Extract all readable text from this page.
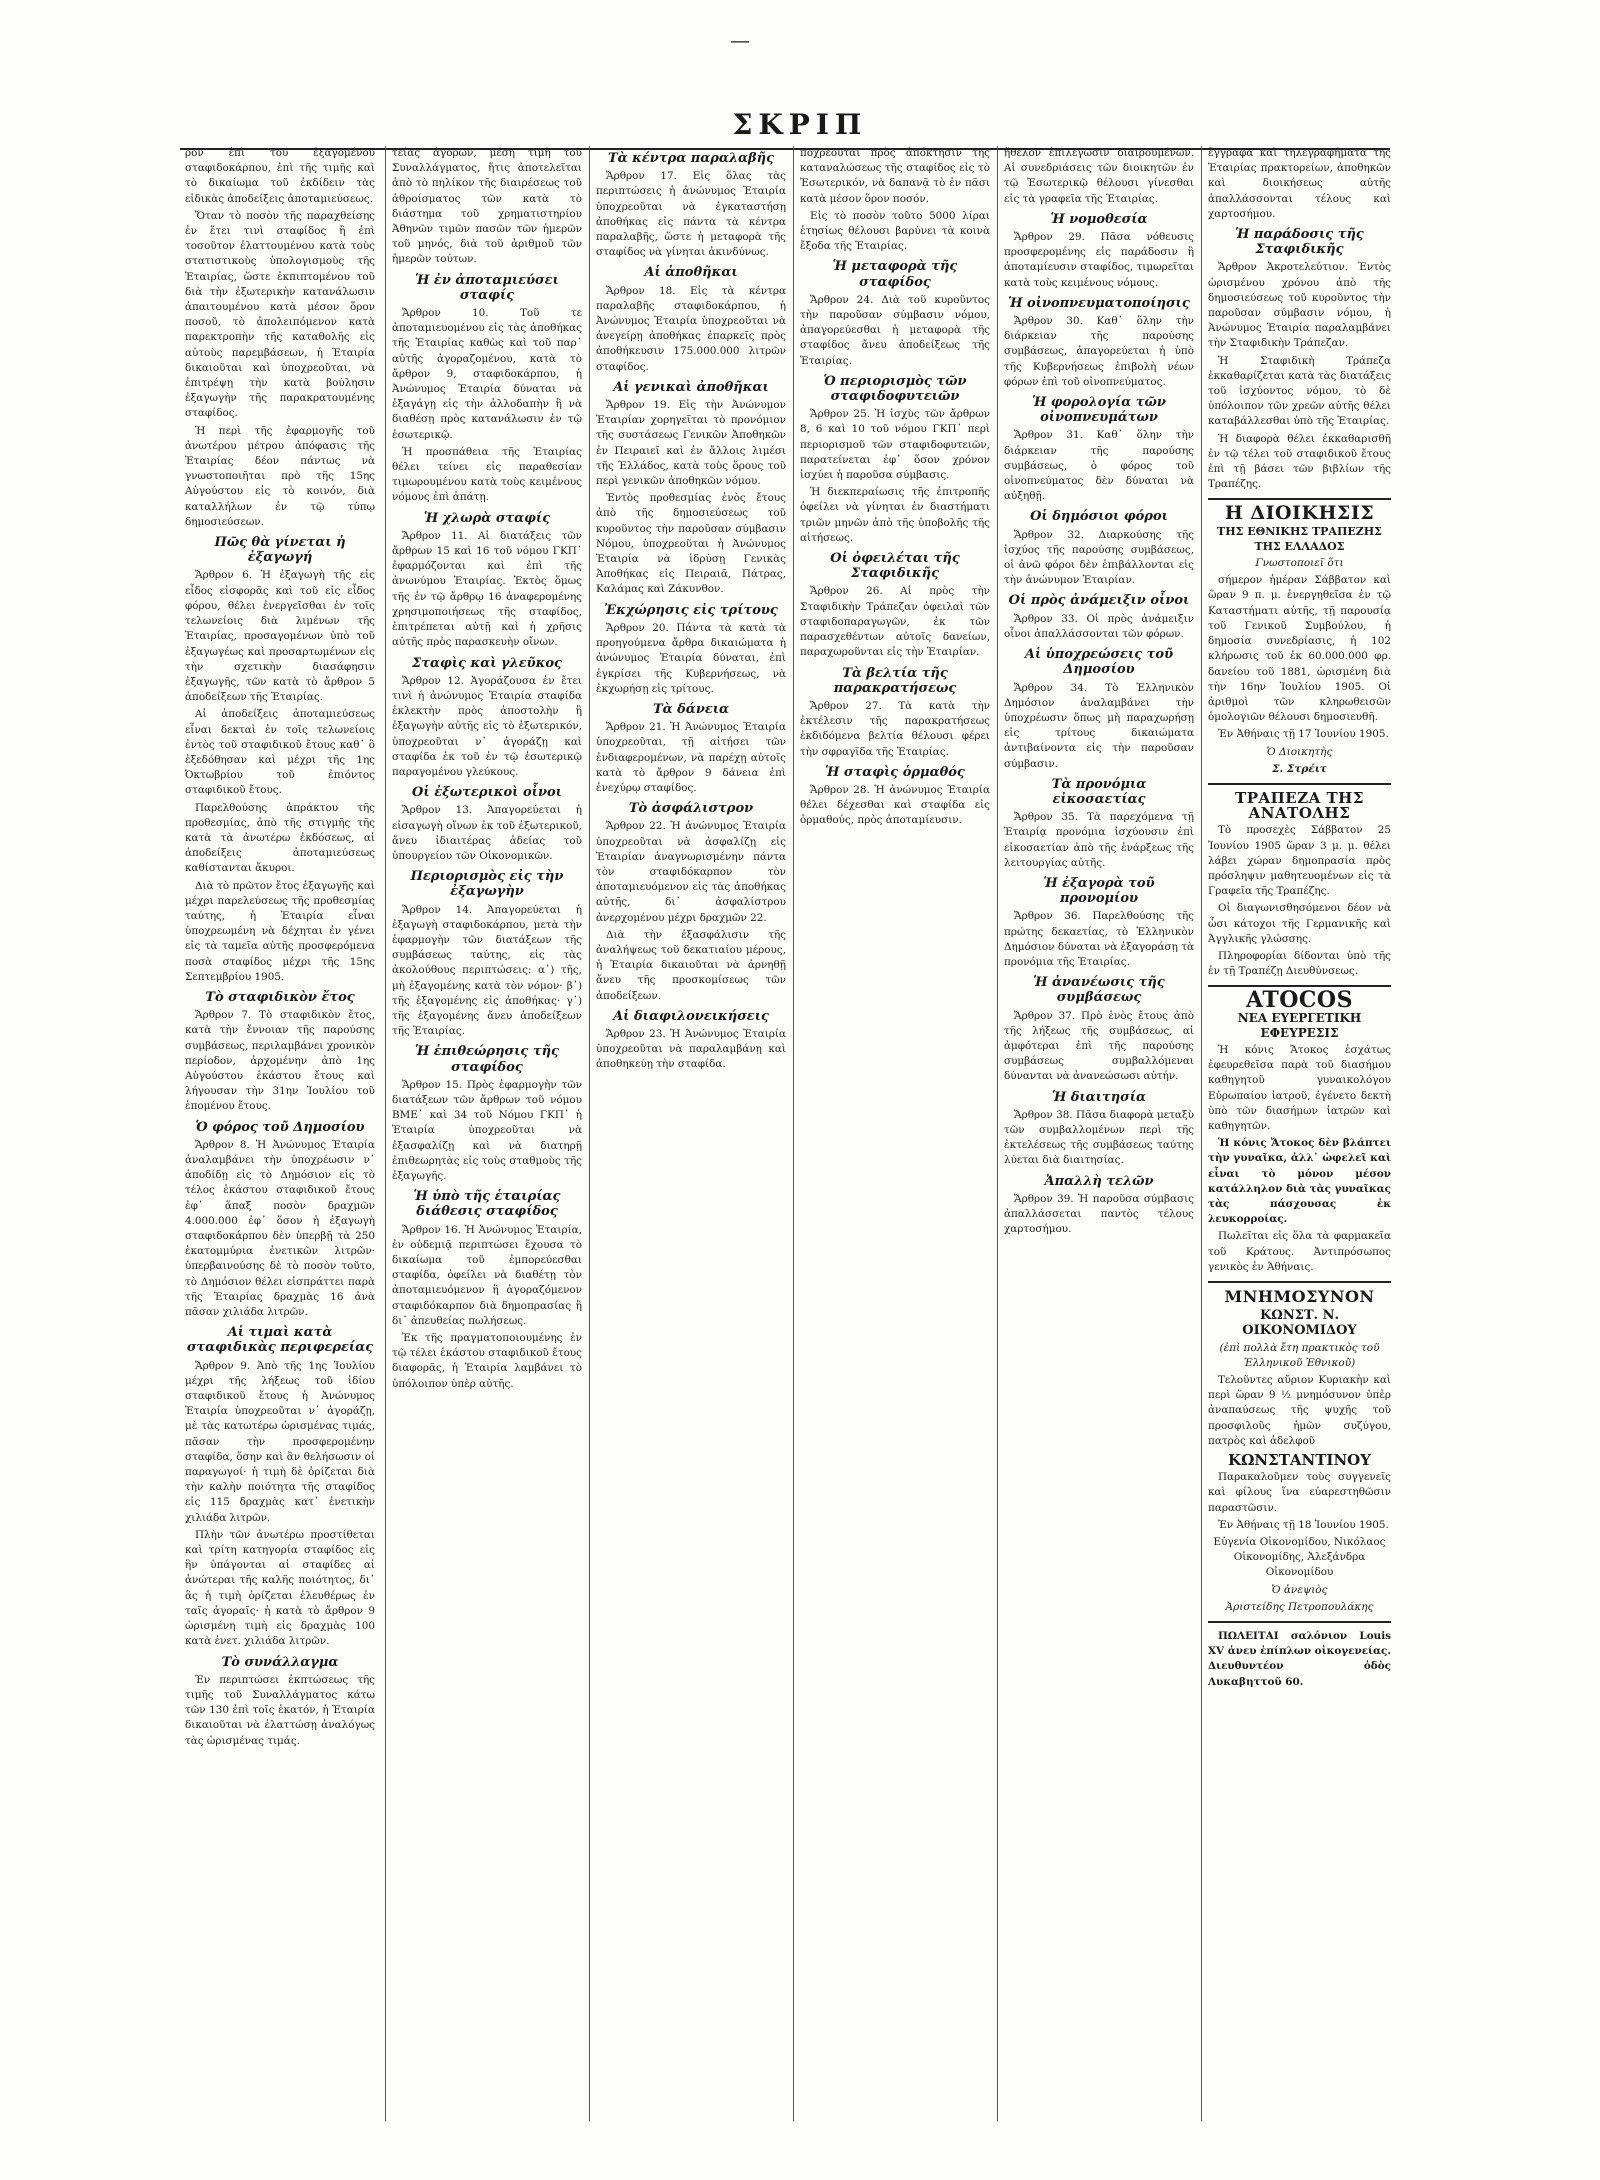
—
ΣΚΡΙΠ

ρον ἐπὶ τοῦ ἐξαγομένου σταφιδοκάρπου, ἐπὶ τῆς τιμῆς καὶ τὸ δικαίωμα τοῦ ἐκδίδειν τὰς εἰδικὰς ἀποδείξεις ἀποταμιεύσεως.

Ὅταν τὸ ποσὸν τῆς παραχθείσης ἐν ἔτει τινὶ σταφίδος ἢ ἐπὶ τοσοῦτον ἐλαττουμένου κατὰ τοὺς στατιστικοὺς ὑπολογισμοὺς τῆς Ἑταιρίας, ὥστε ἐκπιπτομένου τοῦ διὰ τὴν ἐξωτερικὴν κατανάλωσιν ἀπαιτουμένου κατὰ μέσον ὅρον ποσοῦ, τὸ ἀπολειπόμενον κατὰ παρεκτροπὴν τῆς καταθολῆς εἰς αὐτοὺς παρεμβάσεων, ἡ Ἑταιρία δικαιοῦται καὶ ὑποχρεοῦται, νὰ ἐπιτρέψῃ τὴν κατὰ βούλησιν ἐξαγωγὴν τῆς παρακρατουμένης σταφίδος.

Ἡ περὶ τῆς ἐφαρμογῆς τοῦ ἀνωτέρου μέτρου ἀπόφασις τῆς Ἑταιρίας δέον πάντως νὰ γνωστοποιῆται πρὸ τῆς 15ης Αὐγούστου εἰς τὸ κοινόν, διὰ καταλλήλων ἐν τῷ τύπῳ δημοσιεύσεων.

Πῶς θὰ γίνεται ἡ ἐξαγωγή

Ἄρθρον 6. Ἡ ἐξαγωγὴ τῆς εἰς εἶδος εἰσφορᾶς καὶ τοῦ εἰς εἶδος φόρου, θέλει ἐνεργεῖσθαι ἐν τοῖς τελωνείοις διὰ λιμένων τῆς Ἑταιρίας, προσαγομένων ὑπὸ τοῦ ἐξαγωγέως καὶ προσαρτωμένων εἰς τὴν σχετικὴν διασάφησιν ἐξαγωγῆς, τῶν κατὰ τὸ ἄρθρον 5 ἀποδείξεων τῆς Ἑταιρίας.

Αἱ ἀποδείξεις ἀποταμιεύσεως εἶναι δεκταὶ ἐν τοῖς τελωνείοις ἐντὸς τοῦ σταφιδικοῦ ἔτους καθ᾽ ὃ ἐξεδόθησαν καὶ μέχρι τῆς 1ης Ὀκτωβρίου τοῦ ἐπιόντος σταφιδικοῦ ἔτους.

Παρελθούσης ἀπράκτου τῆς προθεσμίας, ἀπὸ τῆς στιγμῆς τῆς κατὰ τὰ ἀνωτέρω ἐκδόσεως, αἱ ἀποδείξεις ἀποταμιεύσεως καθίστανται ἄκυροι.

Διὰ τὸ πρῶτον ἔτος ἐξαγωγῆς καὶ μέχρι παρελεύσεως τῆς προθεσμίας ταύτης, ἡ Ἑταιρία εἶναι ὑποχρεωμένη νὰ δέχηται ἐν γένει εἰς τὰ ταμεῖα αὐτῆς προσφερόμενα ποσὰ σταφίδος μέχρι τῆς 15ης Σεπτεμβρίου 1905.

Τὸ σταφιδικὸν ἔτος

Ἄρθρον 7. Τὸ σταφιδικὸν ἔτος, κατὰ τὴν ἔννοιαν τῆς παρούσης συμβάσεως, περιλαμβάνει χρονικὸν περίοδον, ἀρχομένην ἀπὸ 1ης Αὐγούστου ἑκάστου ἔτους καὶ λήγουσαν τὴν 31ην Ἰουλίου τοῦ ἑπομένου ἔτους.

Ὁ φόρος τοῦ Δημοσίου

Ἄρθρον 8. Ἡ Ἀνώνυμος Ἑταιρία ἀναλαμβάνει τὴν ὑποχρέωσιν ν᾽ ἀποδίδῃ εἰς τὸ Δημόσιον εἰς τὸ τέλος ἑκάστου σταφιδικοῦ ἔτους ἐφ᾽ ἅπαξ ποσὸν δραχμῶν 4.000.000 ἐφ᾽ ὅσον ἡ ἐξαγωγὴ σταφιδοκάρπου δὲν ὑπερβῇ τὰ 250 ἑκατομμύρια ἑνετικῶν λιτρῶν· ὑπερβαινούσης δὲ τὸ ποσὸν τοῦτο, τὸ Δημόσιον θέλει εἰσπράττει παρὰ τῆς Ἑταιρίας δραχμὰς 16 ἀνὰ πᾶσαν χιλιάδα λιτρῶν.

Αἱ τιμαὶ κατὰ σταφιδικὰς περιφερείας

Ἄρθρον 9. Ἀπὸ τῆς 1ης Ἰουλίου μέχρι τῆς λήξεως τοῦ ἰδίου σταφιδικοῦ ἔτους ἡ Ἀνώνυμος Ἑταιρία ὑποχρεοῦται ν᾽ ἀγοράζῃ, μὲ τὰς κατωτέρω ὡρισμένας τιμάς, πᾶσαν τὴν προσφερομένην σταφίδα, ὅσην καὶ ἂν θελήσωσιν οἱ παραγωγοί· ἡ τιμὴ δὲ ὁρίζεται διὰ τὴν καλὴν ποιότητα τῆς σταφίδος εἰς 115 δραχμὰς κατ᾽ ἐνετικὴν χιλιάδα λιτρῶν.

Πλὴν τῶν ἀνωτέρω προστίθεται καὶ τρίτη κατηγορία σταφίδος εἰς ἣν ὑπάγονται αἱ σταφίδες αἱ ἀνώτεραι τῆς καλῆς ποιότητος, δι᾽ ἃς ἡ τιμὴ ὁρίζεται ἐλευθέρως ἐν ταῖς ἀγοραῖς· ἡ κατὰ τὸ ἄρθρον 9 ὡρισμένη τιμὴ εἰς δραχμὰς 100 κατὰ ἐνετ. χιλιάδα λιτρῶν.

Τὸ συνάλλαγμα

Ἐν περιπτώσει ἐκπτώσεως τῆς τιμῆς τοῦ Συναλλάγματος κάτω τῶν 130 ἐπὶ τοῖς ἑκατόν, ἡ Ἑταιρία δικαιοῦται νὰ ἐλαττώσῃ ἀναλόγως τὰς ὡρισμένας τιμάς.

τείας ἀγορῶν, μέση τιμὴ τοῦ Συναλλάγματος, ἥτις ἀποτελεῖται ἀπὸ τὸ πηλίκον τῆς διαιρέσεως τοῦ ἀθροίσματος τῶν κατὰ τὸ διάστημα τοῦ χρηματιστηρίου Ἀθηνῶν τιμῶν πασῶν τῶν ἡμερῶν τοῦ μηνός, διὰ τοῦ ἀριθμοῦ τῶν ἡμερῶν τούτων.

Ἡ ἐν ἀποταμιεύσει σταφίς

Ἄρθρον 10. Τοῦ τε ἀποταμιευομένου εἰς τὰς ἀποθήκας τῆς Ἑταιρίας καθὼς καὶ τοῦ παρ᾽ αὐτῆς ἀγοραζομένου, κατὰ τὸ ἄρθρον 9, σταφιδοκάρπου, ἡ Ἀνώνυμος Ἑταιρία δύναται νὰ ἐξαγάγῃ εἰς τὴν ἀλλοδαπὴν ἢ νὰ διαθέσῃ πρὸς κατανάλωσιν ἐν τῷ ἐσωτερικῷ.

Ἡ προσπάθεια τῆς Ἑταιρίας θέλει τείνει εἰς παραθεσίαν τιμωρουμένου κατὰ τοὺς κειμένους νόμους ἐπὶ ἀπάτῃ.

Ἡ χλωρὰ σταφίς

Ἄρθρον 11. Αἱ διατάξεις τῶν ἄρθρων 15 καὶ 16 τοῦ νόμου ΓΚΠ᾽ ἐφαρμόζονται καὶ ἐπὶ τῆς ἀνωνύμου Ἑταιρίας. Ἐκτὸς ὅμως τῆς ἐν τῷ ἄρθρῳ 16 ἀναφερομένης χρησιμοποιήσεως τῆς σταφίδος, ἐπιτρέπεται αὐτῇ καὶ ἡ χρῆσις αὐτῆς πρὸς παρασκευὴν οἴνων.

Σταφὶς καὶ γλεῦκος

Ἄρθρον 12. Ἀγοράζουσα ἐν ἔτει τινὶ ἡ ἀνώνυμος Ἑταιρία σταφίδα ἐκλεκτὴν πρὸς ἀποστολὴν ἢ ἐξαγωγὴν αὐτῆς εἰς τὸ ἐξωτερικόν, ὑποχρεοῦται ν᾽ ἀγοράζῃ καὶ σταφίδα ἐκ τοῦ ἐν τῷ ἐσωτερικῷ παραγομένου γλεύκους.

Οἱ ἐξωτερικοὶ οἶνοι

Ἄρθρον 13. Ἀπαγορεύεται ἡ εἰσαγωγὴ οἴνων ἐκ τοῦ ἐξωτερικοῦ, ἄνευ ἰδιαιτέρας ἀδείας τοῦ ὑπουργείου τῶν Οἰκονομικῶν.

Περιορισμὸς εἰς τὴν ἐξαγωγὴν

Ἄρθρον 14. Ἀπαγορεύεται ἡ ἐξαγωγὴ σταφιδοκάρπου, μετὰ τὴν ἐφαρμογὴν τῶν διατάξεων τῆς συμβάσεως ταύτης, εἰς τὰς ἀκολούθους περιπτώσεις: α᾽) τῆς, μὴ ἐξαγομένης κατὰ τὸν νόμον· β᾽) τῆς ἐξαγομένης εἰς ἀποθήκας· γ᾽) τῆς ἐξαγομένης ἄνευ ἀποδείξεων τῆς Ἑταιρίας.

Ἡ ἐπιθεώρησις τῆς σταφίδος

Ἄρθρον 15. Πρὸς ἐφαρμογὴν τῶν διατάξεων τῶν ἄρθρων τοῦ νόμου ΒΜΕ᾽ καὶ 34 τοῦ Νόμου ΓΚΠ᾽ ἡ Ἑταιρία ὑποχρεοῦται νὰ ἐξασφαλίζῃ καὶ νὰ διατηρῇ ἐπιθεωρητὰς εἰς τοὺς σταθμοὺς τῆς ἐξαγωγῆς.

Ἡ ὑπὸ τῆς ἑταιρίας διάθεσις σταφίδος

Ἄρθρον 16. Ἡ Ἀνώνυμος Ἑταιρία, ἐν οὐδεμιᾷ περιπτώσει ἔχουσα τὸ δικαίωμα τοῦ ἐμπορεύεσθαι σταφίδα, ὀφείλει νὰ διαθέτῃ τὸν ἀποταμιευόμενον ἢ ἀγοραζόμενον σταφιδόκαρπον διὰ δημοπρασίας ἢ δι᾽ ἀπευθείας πωλήσεως.

Ἐκ τῆς πραγματοποιουμένης ἐν τῷ τέλει ἑκάστου σταφιδικοῦ ἔτους διαφορᾶς, ἡ Ἑταιρία λαμβάνει τὸ ὑπόλοιπον ὑπὲρ αὐτῆς.

Τὰ κέντρα παραλαβῆς

Ἄρθρον 17. Εἰς ὅλας τὰς περιπτώσεις ἡ ἀνώνυμος Ἑταιρία ὑποχρεοῦται νὰ ἐγκαταστήσῃ ἀποθήκας εἰς πάντα τὰ κέντρα παραλαβῆς, ὥστε ἡ μεταφορὰ τῆς σταφίδος νὰ γίνηται ἀκινδύνως.

Αἱ ἀποθῆκαι

Ἄρθρον 18. Εἰς τὰ κέντρα παραλαβῆς σταφιδοκάρπου, ἡ Ἀνώνυμος Ἑταιρία ὑποχρεοῦται νὰ ἀνεγείρῃ ἀποθήκας ἐπαρκεῖς πρὸς ἀποθήκευσιν 175.000.000 λιτρῶν σταφίδος.

Αἱ γενικαὶ ἀποθῆκαι

Ἄρθρον 19. Εἰς τὴν Ἀνώνυμον Ἑταιρίαν χορηγεῖται τὸ προνόμιον τῆς συστάσεως Γενικῶν Ἀποθηκῶν ἐν Πειραιεῖ καὶ ἐν ἄλλοις λιμέσι τῆς Ἑλλάδος, κατὰ τοὺς ὅρους τοῦ περὶ γενικῶν ἀποθηκῶν νόμου.

Ἐντὸς προθεσμίας ἑνὸς ἔτους ἀπὸ τῆς δημοσιεύσεως τοῦ κυροῦντος τὴν παροῦσαν σύμβασιν Νόμου, ὑποχρεοῦται ἡ Ἀνώνυμος Ἑταιρία νὰ ἱδρύσῃ Γενικὰς Ἀποθήκας εἰς Πειραιᾶ, Πάτρας, Καλάμας καὶ Ζάκυνθον.

Ἐκχώρησις εἰς τρίτους

Ἄρθρον 20. Πάντα τὰ κατὰ τὰ προηγούμενα ἄρθρα δικαιώματα ἡ ἀνώνυμος Ἑταιρία δύναται, ἐπὶ ἐγκρίσει τῆς Κυβερνήσεως, νὰ ἐκχωρήσῃ εἰς τρίτους.

Τὰ δάνεια

Ἄρθρον 21. Ἡ Ἀνώνυμος Ἑταιρία ὑποχρεοῦται, τῇ αἰτήσει τῶν ἐνδιαφερομένων, νὰ παρέχῃ αὐτοῖς κατὰ τὸ ἄρθρον 9 δάνεια ἐπὶ ἐνεχύρῳ σταφίδος.

Τὸ ἀσφάλιστρον

Ἄρθρον 22. Ἡ ἀνώνυμος Ἑταιρία ὑποχρεοῦται νὰ ἀσφαλίζῃ εἰς Ἑταιρίαν ἀναγνωρισμένην πάντα τὸν σταφιδόκαρπον τὸν ἀποταμιευόμενον εἰς τὰς ἀποθήκας αὐτῆς, δι᾽ ἀσφαλίστρου ἀνερχομένου μέχρι δραχμῶν 22.

Διὰ τὴν ἐξασφάλισιν τῆς ἀναλήψεως τοῦ δεκατιαίου μέρους, ἡ Ἑταιρία δικαιοῦται νὰ ἀρνηθῇ ἄνευ τῆς προσκομίσεως τῶν ἀποδείξεων.

Αἱ διαφιλονεικήσεις

Ἄρθρον 23. Ἡ Ἀνώνυμος Ἑταιρία ὑποχρεοῦται νὰ παραλαμβάνῃ καὶ ἀποθηκεύῃ τὴν σταφίδα.

ποχρεοῦται πρὸς ἀπόκτησιν τῆς καταναλώσεως τῆς σταφίδος εἰς τὸ Ἐσωτερικόν, νὰ δαπανᾷ τὸ ἐν πᾶσι κατὰ μέσον ὅρον ποσόν.

Εἰς τὸ ποσὸν τοῦτο 5000 λίραι ἐτησίως θέλουσι βαρύνει τὰ κοινὰ ἔξοδα τῆς Ἑταιρίας.

Ἡ μεταφορὰ τῆς σταφίδος

Ἄρθρον 24. Διὰ τοῦ κυροῦντος τὴν παροῦσαν σύμβασιν νόμου, ἀπαγορεύεσθαι ἡ μεταφορὰ τῆς σταφίδος ἄνευ ἀποδείξεως τῆς Ἑταιρίας.

Ὁ περιορισμὸς τῶν σταφιδοφυτειῶν

Ἄρθρον 25. Ἡ ἰσχὺς τῶν ἄρθρων 8, 6 καὶ 10 τοῦ νόμου ΓΚΠ᾽ περὶ περιορισμοῦ τῶν σταφιδοφυτειῶν, παρατείνεται ἐφ᾽ ὅσον χρόνον ἰσχύει ἡ παροῦσα σύμβασις.

Ἡ διεκπεραίωσις τῆς ἐπιτροπῆς ὀφείλει νὰ γίνηται ἐν διαστήματι τριῶν μηνῶν ἀπὸ τῆς ὑποβολῆς τῆς αἰτήσεως.

Οἱ ὀφειλέται τῆς Σταφιδικῆς

Ἄρθρον 26. Αἱ πρὸς τὴν Σταφιδικὴν Τράπεζαν ὀφειλαὶ τῶν σταφιδοπαραγωγῶν, ἐκ τῶν παρασχεθέντων αὐτοῖς δανείων, παραχωροῦνται εἰς τὴν Ἑταιρίαν.

Τὰ βελτία τῆς παρακρατήσεως

Ἄρθρον 27. Τὰ κατὰ τὴν ἐκτέλεσιν τῆς παρακρατήσεως ἐκδιδόμενα βελτία θέλουσι φέρει τὴν σφραγῖδα τῆς Ἑταιρίας.

Ἡ σταφὶς ὁρμαθός

Ἄρθρον 28. Ἡ ἀνώνυμος Ἑταιρία θέλει δέχεσθαι καὶ σταφίδα εἰς ὁρμαθούς, πρὸς ἀποταμίευσιν.

ἤθελον ἐπιλεγῶσιν διαιρουμένων. Αἱ συνεδριάσεις τῶν διοικητῶν ἐν τῷ Ἐσωτερικῷ θέλουσι γίνεσθαι εἰς τὰ γραφεῖα τῆς Ἑταιρίας.

Ἡ νομοθεσία

Ἄρθρον 29. Πᾶσα νόθευσις προσφερομένης εἰς παράδοσιν ἢ ἀποταμίευσιν σταφίδος, τιμωρεῖται κατὰ τοὺς κειμένους νόμους.

Ἡ οἰνοπνευματοποίησις

Ἄρθρον 30. Καθ᾽ ὅλην τὴν διάρκειαν τῆς παρούσης συμβάσεως, ἀπαγορεύεται ἡ ὑπὸ τῆς Κυβερνήσεως ἐπιβολὴ νέων φόρων ἐπὶ τοῦ οἰνοπνεύματος.

Ἡ φορολογία τῶν οἰνοπνευμάτων

Ἄρθρον 31. Καθ᾽ ὅλην τὴν διάρκειαν τῆς παρούσης συμβάσεως, ὁ φόρος τοῦ οἰνοπνεύματος δὲν δύναται νὰ αὐξηθῇ.

Οἱ δημόσιοι φόροι

Ἄρθρον 32. Διαρκούσης τῆς ἰσχύος τῆς παρούσης συμβάσεως, οἱ ἀνῶ φόροι δὲν ἐπιβάλλονται εἰς τὴν ἀνώνυμον Ἑταιρίαν.

Οἱ πρὸς ἀνάμειξιν οἶνοι

Ἄρθρον 33. Οἱ πρὸς ἀνάμειξιν οἶνοι ἀπαλλάσσονται τῶν φόρων.

Αἱ ὑποχρεώσεις τοῦ Δημοσίου

Ἄρθρον 34. Τὸ Ἑλληνικὸν Δημόσιον ἀναλαμβάνει τὴν ὑποχρέωσιν ὅπως μὴ παραχωρήσῃ εἰς τρίτους δικαιώματα ἀντιβαίνοντα εἰς τὴν παροῦσαν σύμβασιν.

Τὰ προνόμια εἰκοσαετίας

Ἄρθρον 35. Τὰ παρεχόμενα τῇ Ἑταιρίᾳ προνόμια ἰσχύουσιν ἐπὶ εἰκοσαετίαν ἀπὸ τῆς ἐνάρξεως τῆς λειτουργίας αὐτῆς.

Ἡ ἐξαγορὰ τοῦ προνομίου

Ἄρθρον 36. Παρελθούσης τῆς πρώτης δεκαετίας, τὸ Ἑλληνικὸν Δημόσιον δύναται νὰ ἐξαγοράσῃ τὰ προνόμια τῆς Ἑταιρίας.

Ἡ ἀνανέωσις τῆς συμβάσεως

Ἄρθρον 37. Πρὸ ἑνὸς ἔτους ἀπὸ τῆς λήξεως τῆς συμβάσεως, αἱ ἀμφότεραι ἐπὶ τῆς παρούσης συμβάσεως συμβαλλόμεναι δύνανται νὰ ἀνανεώσωσι αὐτήν.

Ἡ διαιτησία

Ἄρθρον 38. Πᾶσα διαφορὰ μεταξὺ τῶν συμβαλλομένων περὶ τῆς ἐκτελέσεως τῆς συμβάσεως ταύτης λύεται διὰ διαιτησίας.

Ἀπαλλὴ τελῶν

Ἄρθρον 39. Ἡ παροῦσα σύμβασις ἀπαλλάσσεται παντὸς τέλους χαρτοσήμου.

ἔγγραφα καὶ τηλεγραφήματα τῆς Ἑταιρίας πρακτορείων, ἀποθηκῶν καὶ διοικήσεως αὐτῆς ἀπαλλάσσονται τέλους καὶ χαρτοσήμου.

Ἡ παράδοσις τῆς Σταφιδικῆς

Ἄρθρον Ἀκροτελεύτιον. Ἐντὸς ὡρισμένου χρόνου ἀπὸ τῆς δημοσιεύσεως τοῦ κυροῦντος τὴν παροῦσαν σύμβασιν νόμου, ἡ Ἀνώνυμος Ἑταιρία παραλαμβάνει τὴν Σταφιδικὴν Τράπεζαν.

Ἡ Σταφιδικὴ Τράπεζα ἐκκαθαρίζεται κατὰ τὰς διατάξεις τοῦ ἰσχύοντος νόμου, τὸ δὲ ὑπόλοιπον τῶν χρεῶν αὐτῆς θέλει καταβάλλεσθαι ὑπὸ τῆς Ἑταιρίας.

Ἡ διαφορὰ θέλει ἐκκαθαρισθῆ ἐν τῷ τέλει τοῦ σταφιδικοῦ ἔτους ἐπὶ τῇ βάσει τῶν βιβλίων τῆς Τραπέζης.

Η ΔΙΟΙΚΗΣΙΣ
ΤΗΣ ΕΘΝΙΚΗΣ ΤΡΑΠΕΖΗΣ ΤΗΣ ΕΛΛΑΔΟΣ
Γνωστοποιεῖ ὅτι

σήμερον ἡμέραν Σάββατον καὶ ὥραν 9 π. μ. ἐνεργηθεῖσα ἐν τῷ Καταστήματι αὐτῆς, τῇ παρουσίᾳ τοῦ Γενικοῦ Συμβούλου, ἡ δημοσία συνεδρίασις, ἡ 102 κλήρωσις τοῦ ἐκ 60.000.000 φρ. δανείου τοῦ 1881, ὡρισμένη διὰ τὴν 16ην Ἰουλίου 1905. Οἱ ἀριθμοὶ τῶν κληρωθεισῶν ὁμολογιῶν θέλουσι δημοσιευθῆ.

Ἐν Ἀθήναις τῇ 17 Ἰουνίου 1905.

Ὁ Διοικητὴς
Σ. Στρέιτ
ΤΡΑΠΕΖΑ ΤΗΣ ΑΝΑΤΟΛΗΣ

Τὸ προσεχὲς Σάββατον 25 Ἰουνίου 1905 ὥραν 3 μ. μ. θέλει λάβει χώραν δημοπρασία πρὸς πρόσληψιν μαθητευομένων εἰς τὰ Γραφεῖα τῆς Τραπέζης.

Οἱ διαγωνισθησόμενοι δέον νὰ ὦσι κάτοχοι τῆς Γερμανικῆς καὶ Ἀγγλικῆς γλώσσης.

Πληροφορίαι δίδονται ὑπὸ τῆς ἐν τῇ Τραπέζῃ Διευθύνσεως.

ATOCOS
ΝΕΑ ΕΥΕΡΓΕΤΙΚΗ ΕΦΕΥΡΕΣΙΣ

Ἡ κόνις Ἄτοκος ἐσχάτως ἐφευρεθεῖσα παρὰ τοῦ διασήμου καθηγητοῦ γυναικολόγου Εὐρωπαίου ἰατροῦ, ἐγένετο δεκτὴ ὑπὸ τῶν διασήμων ἰατρῶν καὶ καθηγητῶν.

Ἡ κόνις Ἄτοκος δὲν βλάπτει τὴν γυναῖκα, ἀλλ᾽ ὠφελεῖ καὶ εἶναι τὸ μόνον μέσον κατάλληλον διὰ τὰς γυναῖκας τὰς πάσχουσας ἐκ λευκορροίας.

Πωλεῖται εἰς ὅλα τὰ φαρμακεῖα τοῦ Κράτους. Ἀντιπρόσωπος γενικὸς ἐν Ἀθήναις.

ΜΝΗΜΟΣΥΝΟΝ
ΚΩΝΣΤ. Ν. ΟΙΚΟΝΟΜΙΔΟΥ
(ἐπὶ πολλὰ ἔτη πρακτικὸς τοῦ Ἐλληνικοῦ Ἐθνικοῦ)

Τελοῦντες αὔριον Κυριακὴν καὶ περὶ ὥραν 9 ½ μνημόσυνον ὑπὲρ ἀναπαύσεως τῆς ψυχῆς τοῦ προσφιλοῦς ἡμῶν συζύγου, πατρὸς καὶ ἀδελφοῦ

ΚΩΝΣΤΑΝΤΙΝΟΥ

Παρακαλοῦμεν τοὺς συγγενεῖς καὶ φίλους ἵνα εὐαρεστηθῶσιν παραστῶσιν.

Ἐν Ἀθήναις τῇ 18 Ἰουνίου 1905.

Εὐγενία Οἰκονομίδου, Νικόλαος Οἰκονομίδης, Ἀλεξάνδρα Οἰκονομίδου

Ὁ ἀνεψιὸς
Ἀριστείδης Πετροπουλάκης

ΠΩΛΕΙΤΑΙ σαλόνιον Louis XV ἀνευ ἐπίπλων οἰκογενείας. Διευθυντέον ὁδὸς Λυκαβηττοῦ 60.
